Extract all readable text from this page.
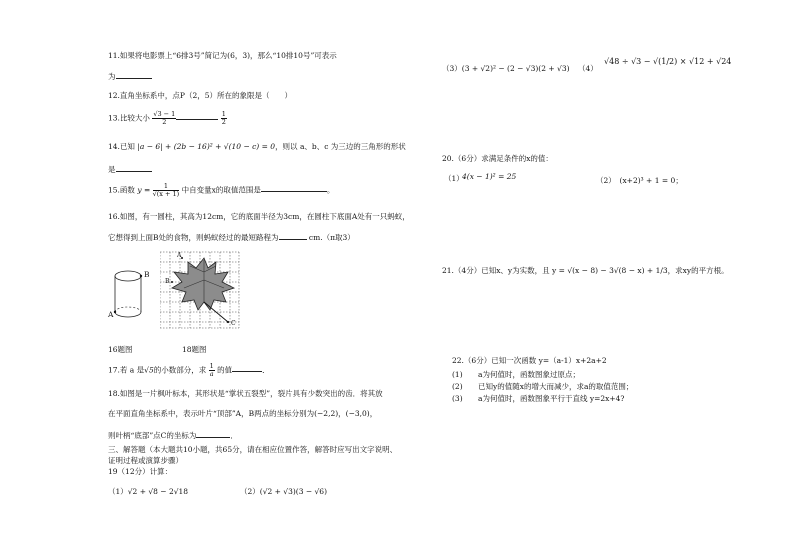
11.如果将电影票上“6排3号”简记为(6，3)，那么“10排10号”可表示
为
12.直角坐标系中，点P（2，5）所在的象限是（　　）
13.比较大小 $\frac{√3 - 1}{2}$
	$\frac{1}{2}$
14.已知 |a − 6| + (2b − 16)² + √(10 − c) = 0，则以 a、b、c 为三边的三角形的形状
是
15.函数 $y = \frac{1}{√(x + 1)}$ 中自变量x的取值范围是	。
16.如图，有一圆柱，其高为12cm，它的底面半径为3cm，在圆柱下底面A处有一只蚂蚁，
它想得到上面B处的食物，则蚂蚁经过的最短路程为	cm.（π取3）
B
A
A
B
C
16题图	18题图
17.若 a 是√5的小数部分，求 $\frac{1}{a}$ 的值	．
18.如图是一片枫叶标本，其形状是“掌状五裂型”，裂片具有少数突出的齿．将其放
在平面直角坐标系中，表示叶片“顶部”A，B两点的坐标分别为(−2,2)，(−3,0)，
则叶柄“底部”点C的坐标为	．
三、解答题（本大题共10小题，共65分，请在相应位置作答，解答时应写出文字说明、
证明过程或演算步骤）
19（12分）计算：
（1）√2 + √8 − 2√18	（2）(√2 + √3)(3 − √6)
（3）(3 + √2)² − (2 − √3)(2 + √3) （4）
√48 ÷ √3 − √(1/2) × √12 + √24
20.（6分）求满足条件的x的值：
（1）
4(x − 1)² = 25	（2）　(x+2)³ + 1 = 0；
21.（4分）已知x、y为实数，且 y = √(x − 8) − 3√(8 − x) + 1/3，求xy的平方根。
22.（6分）已知一次函数 y=（a-1）x+2a+2
(1) a为何值时，函数图象过原点；
(2) 已知y的值随x的增大而减少，求a的取值范围；
(3) a为何值时，函数图象平行于直线 y=2x+4?
